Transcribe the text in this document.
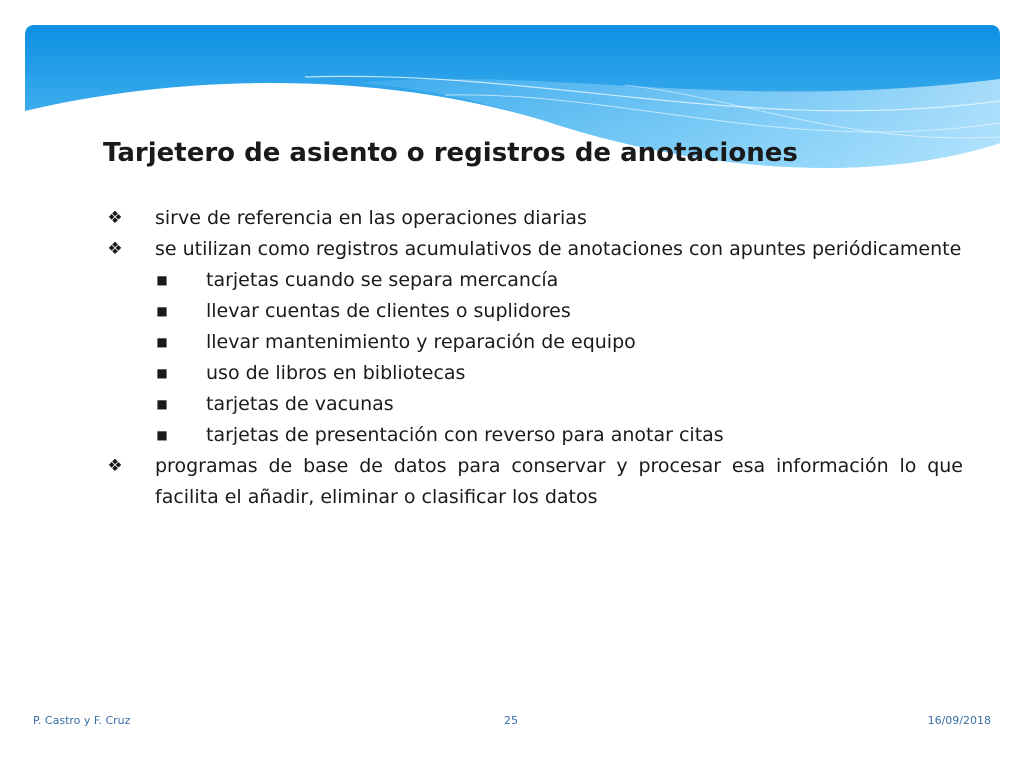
Tarjetero de asiento o registros de anotaciones
❖ sirve de referencia en las operaciones diarias
❖ se utilizan como registros acumulativos de anotaciones con apuntes periódicamente
■ tarjetas cuando se separa mercancía
■ llevar cuentas de clientes o suplidores
■ llevar mantenimiento y reparación de equipo
■ uso de libros en bibliotecas
■ tarjetas de vacunas
■ tarjetas de presentación con reverso para anotar citas
❖ programas de base de datos para conservar y procesar esa información lo que facilita el añadir, eliminar o clasificar los datos
P. Castro y F. Cruz	25	16/09/2018
